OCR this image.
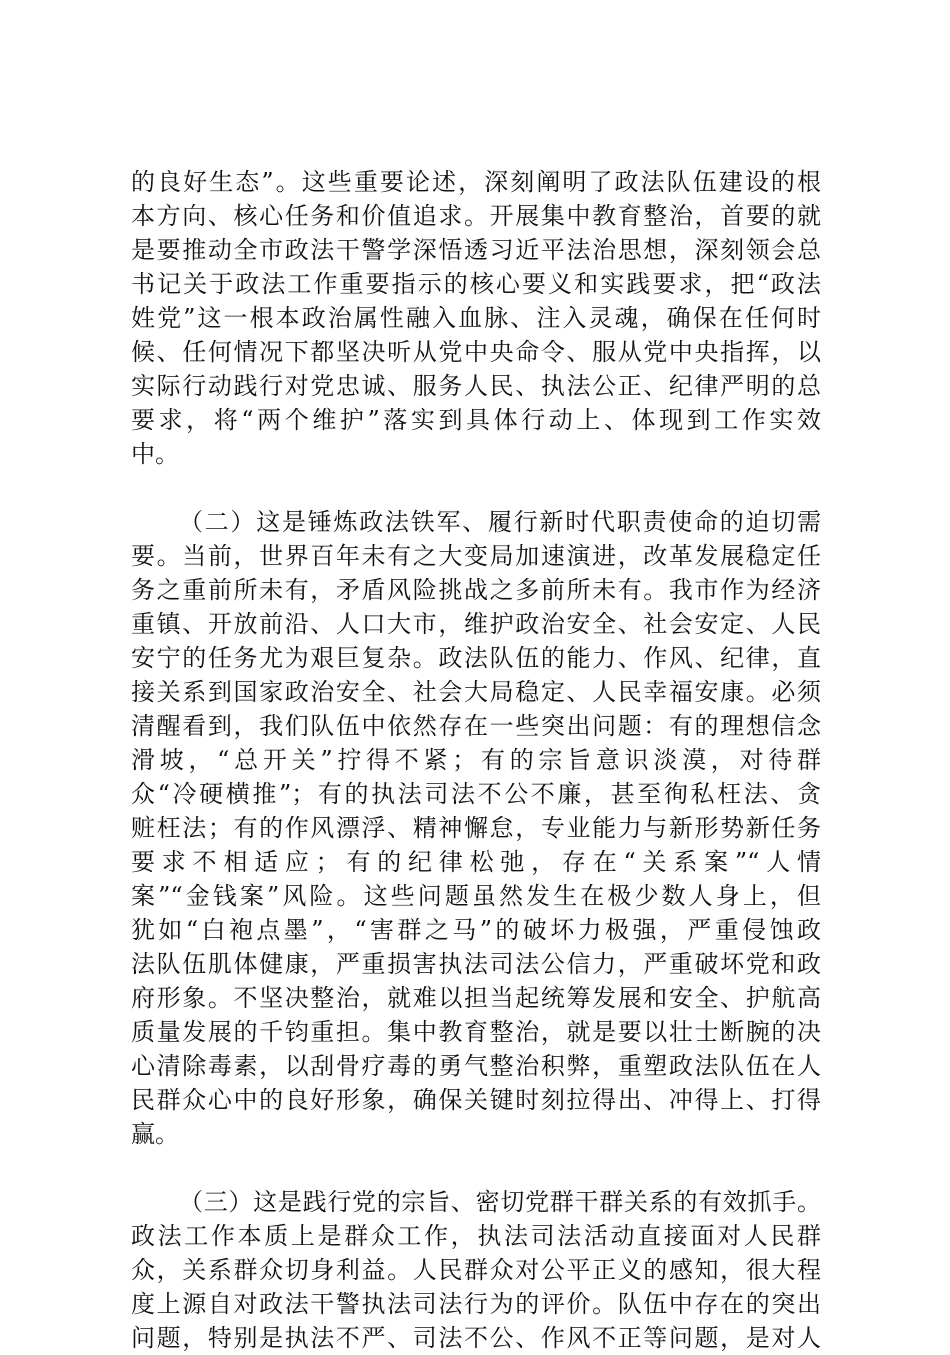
的良好生态”。这些重要论述，深刻阐明了政法队伍建设的根
本方向、核心任务和价值追求。开展集中教育整治，首要的就
是要推动全市政法干警学深悟透习近平法治思想，深刻领会总
书记关于政法工作重要指示的核心要义和实践要求，把“政法
姓党”这一根本政治属性融入血脉、注入灵魂，确保在任何时
候、任何情况下都坚决听从党中央命令、服从党中央指挥，以
实际行动践行对党忠诚、服务人民、执法公正、纪律严明的总
要求，将“两个维护”落实到具体行动上、体现到工作实效
中。
（二）这是锤炼政法铁军、履行新时代职责使命的迫切需
要。当前，世界百年未有之大变局加速演进，改革发展稳定任
务之重前所未有，矛盾风险挑战之多前所未有。我市作为经济
重镇、开放前沿、人口大市，维护政治安全、社会安定、人民
安宁的任务尤为艰巨复杂。政法队伍的能力、作风、纪律，直
接关系到国家政治安全、社会大局稳定、人民幸福安康。必须
清醒看到，我们队伍中依然存在一些突出问题：有的理想信念
滑坡，“总开关”拧得不紧；有的宗旨意识淡漠，对待群
众“冷硬横推”；有的执法司法不公不廉，甚至徇私枉法、贪
赃枉法；有的作风漂浮、精神懈怠，专业能力与新形势新任务
要求不相适应；有的纪律松弛，存在“关系案”“人情
案”“金钱案”风险。这些问题虽然发生在极少数人身上，但
犹如“白袍点墨”，“害群之马”的破坏力极强，严重侵蚀政
法队伍肌体健康，严重损害执法司法公信力，严重破坏党和政
府形象。不坚决整治，就难以担当起统筹发展和安全、护航高
质量发展的千钧重担。集中教育整治，就是要以壮士断腕的决
心清除毒素，以刮骨疗毒的勇气整治积弊，重塑政法队伍在人
民群众心中的良好形象，确保关键时刻拉得出、冲得上、打得
赢。
（三）这是践行党的宗旨、密切党群干群关系的有效抓手。
政法工作本质上是群众工作，执法司法活动直接面对人民群
众，关系群众切身利益。人民群众对公平正义的感知，很大程
度上源自对政法干警执法司法行为的评价。队伍中存在的突出
问题，特别是执法不严、司法不公、作风不正等问题，是对人
